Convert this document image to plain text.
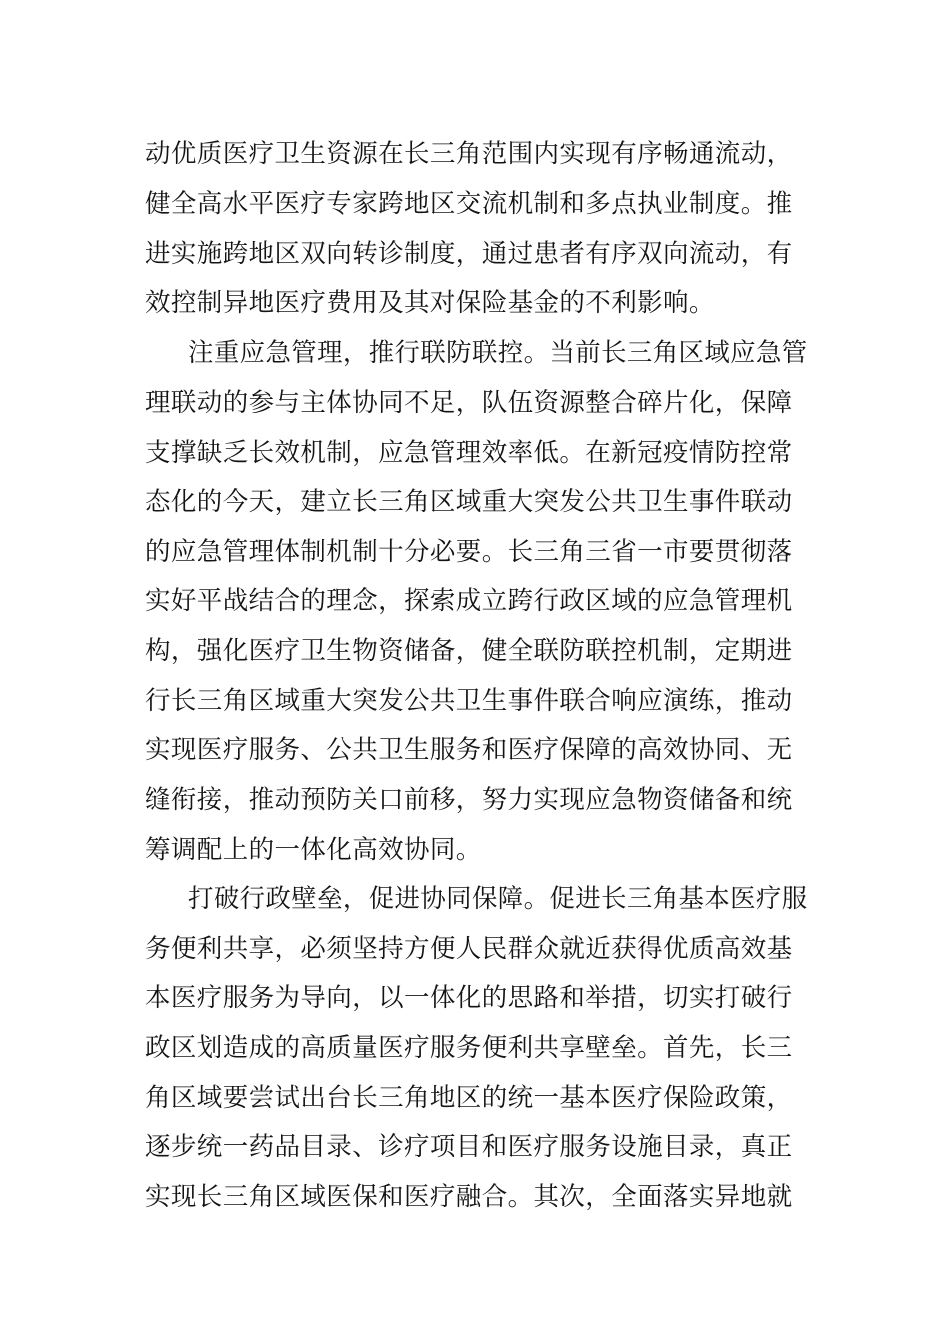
动优质医疗卫生资源在长三角范围内实现有序畅通流动，
健全高水平医疗专家跨地区交流机制和多点执业制度。推
进实施跨地区双向转诊制度，通过患者有序双向流动，有
效控制异地医疗费用及其对保险基金的不利影响。
注重应急管理，推行联防联控。当前长三角区域应急管
理联动的参与主体协同不足，队伍资源整合碎片化，保障
支撑缺乏长效机制，应急管理效率低。在新冠疫情防控常
态化的今天，建立长三角区域重大突发公共卫生事件联动
的应急管理体制机制十分必要。长三角三省一市要贯彻落
实好平战结合的理念，探索成立跨行政区域的应急管理机
构，强化医疗卫生物资储备，健全联防联控机制，定期进
行长三角区域重大突发公共卫生事件联合响应演练，推动
实现医疗服务、公共卫生服务和医疗保障的高效协同、无
缝衔接，推动预防关口前移，努力实现应急物资储备和统
筹调配上的一体化高效协同。
打破行政壁垒，促进协同保障。促进长三角基本医疗服
务便利共享，必须坚持方便人民群众就近获得优质高效基
本医疗服务为导向，以一体化的思路和举措，切实打破行
政区划造成的高质量医疗服务便利共享壁垒。首先，长三
角区域要尝试出台长三角地区的统一基本医疗保险政策，
逐步统一药品目录、诊疗项目和医疗服务设施目录，真正
实现长三角区域医保和医疗融合。其次，全面落实异地就
